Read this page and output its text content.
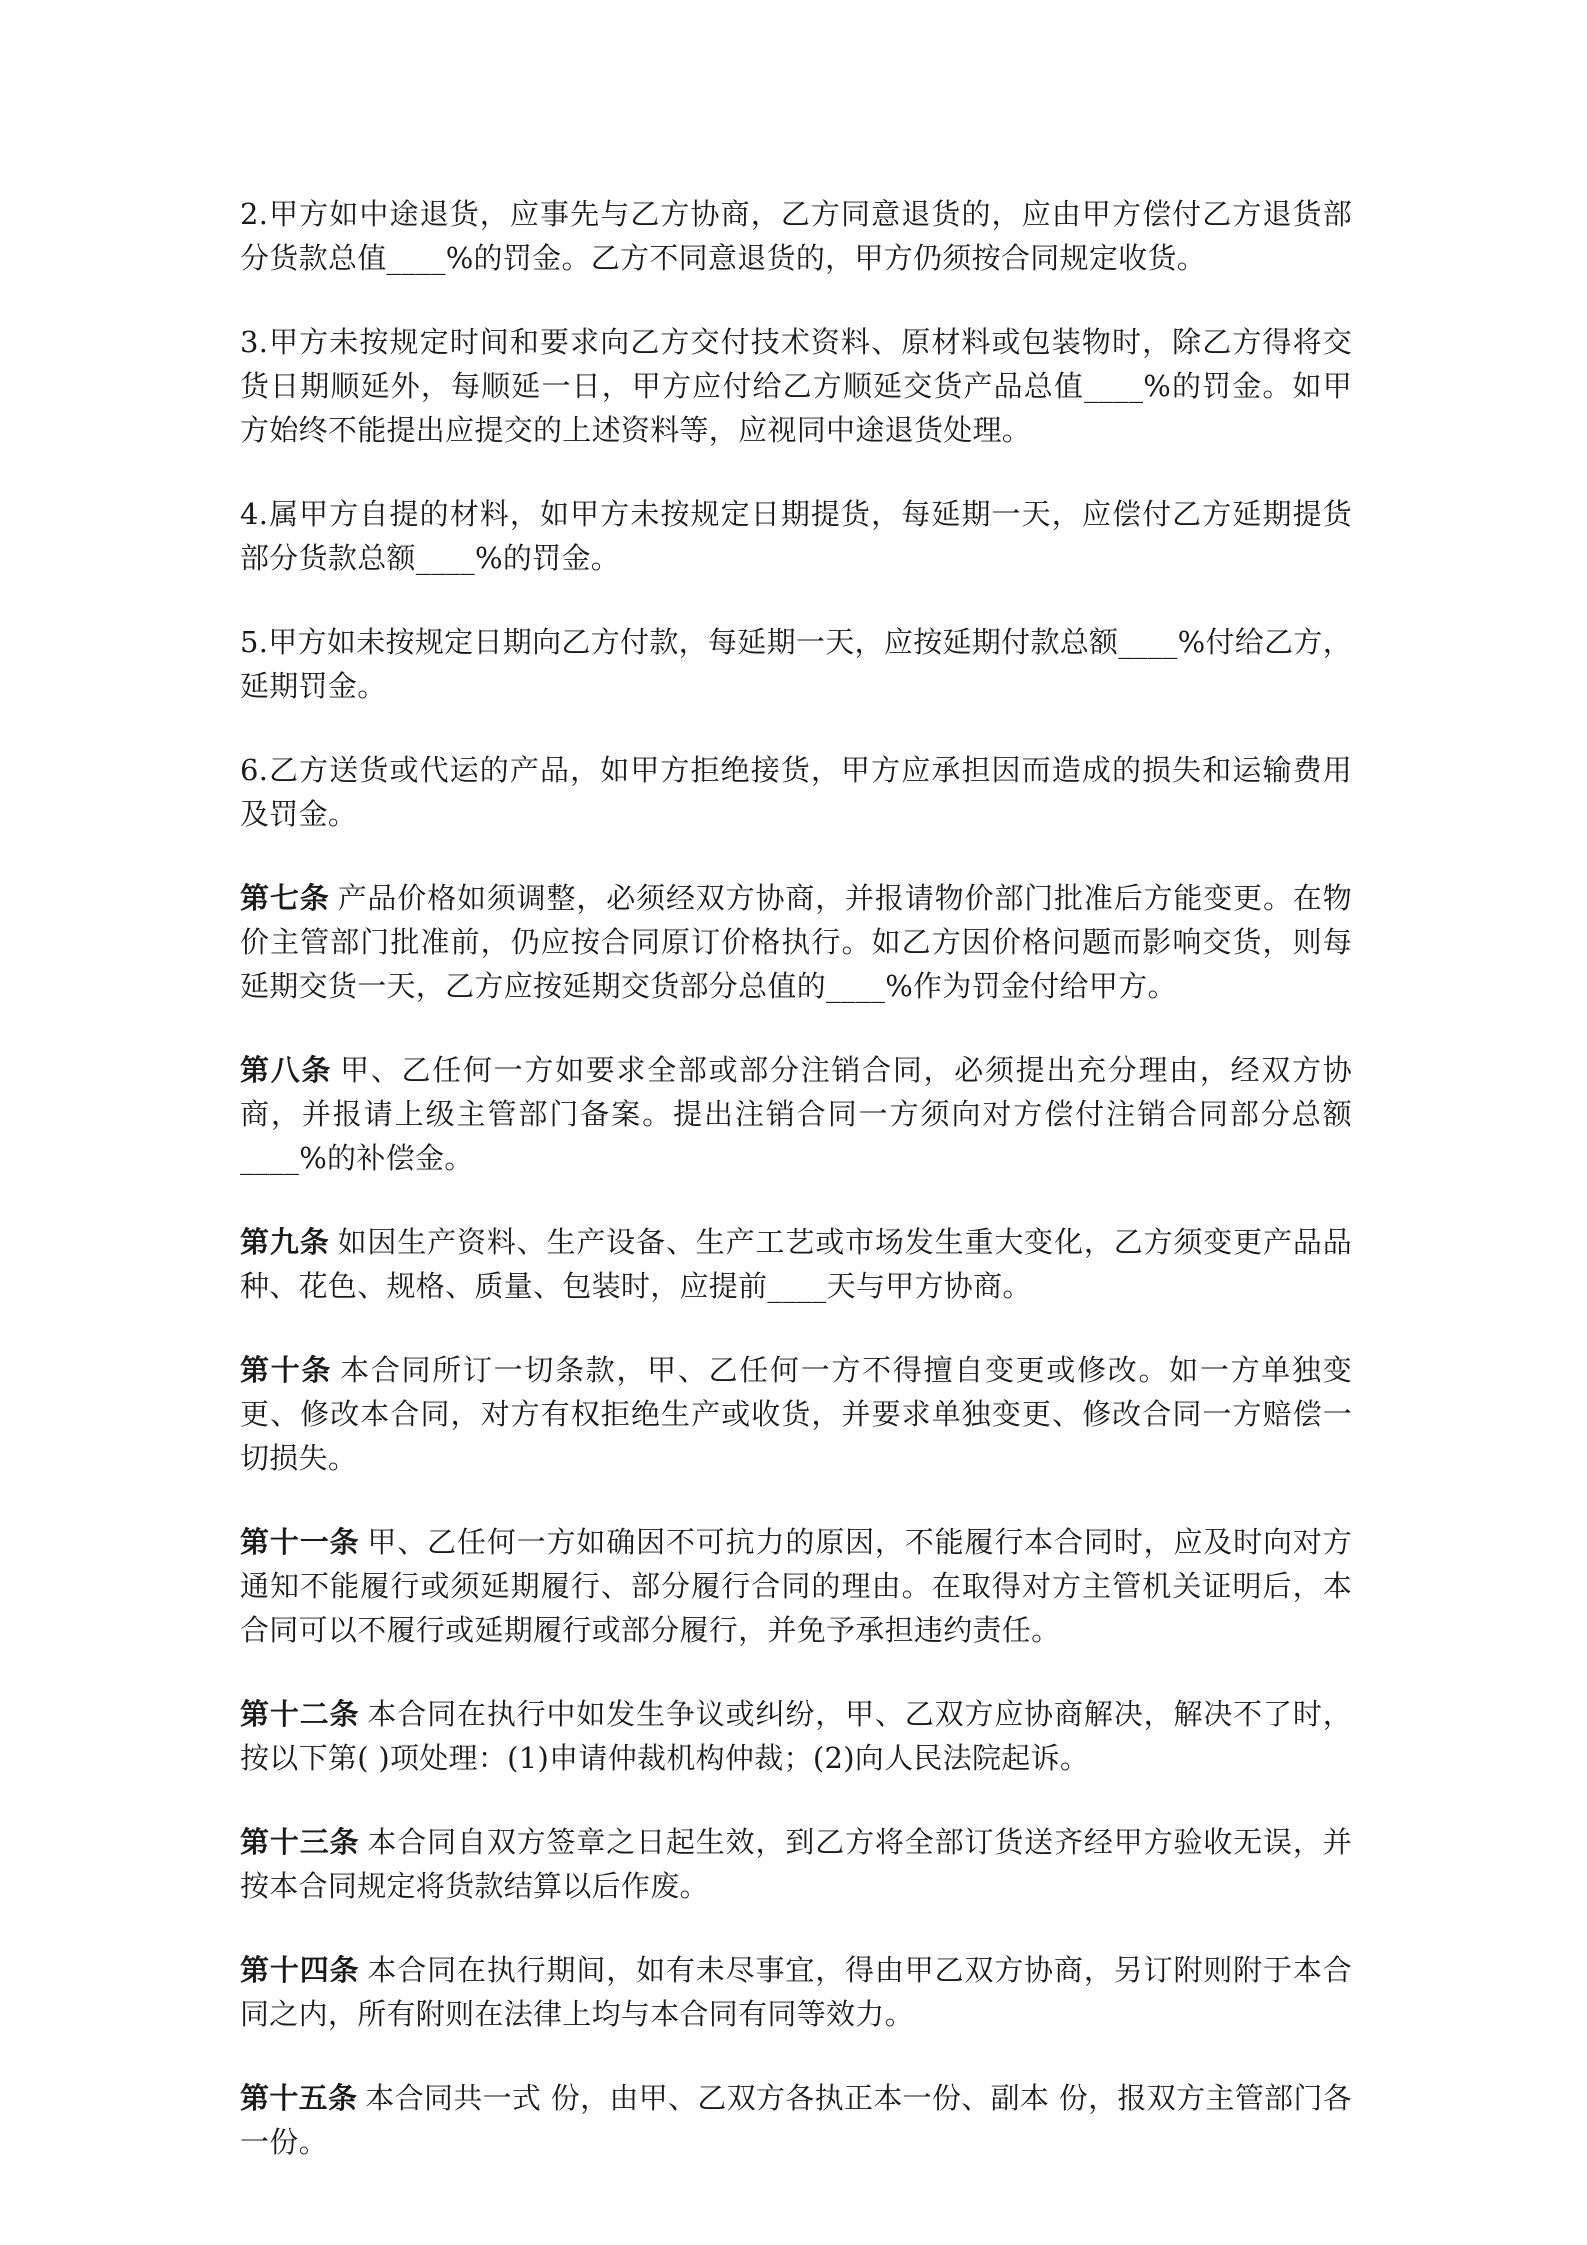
2.甲方如中途退货，应事先与乙方协商，乙方同意退货的，应由甲方偿付乙方退货部分货款总值____%的罚金。乙方不同意退货的，甲方仍须按合同规定收货。

3.甲方未按规定时间和要求向乙方交付技术资料、原材料或包装物时，除乙方得将交货日期顺延外，每顺延一日，甲方应付给乙方顺延交货产品总值____%的罚金。如甲方始终不能提出应提交的上述资料等，应视同中途退货处理。

4.属甲方自提的材料，如甲方未按规定日期提货，每延期一天，应偿付乙方延期提货部分货款总额____%的罚金。

5.甲方如未按规定日期向乙方付款，每延期一天，应按延期付款总额____%付给乙方，延期罚金。

6.乙方送货或代运的产品，如甲方拒绝接货，甲方应承担因而造成的损失和运输费用及罚金。

第七条 产品价格如须调整，必须经双方协商，并报请物价部门批准后方能变更。在物价主管部门批准前，仍应按合同原订价格执行。如乙方因价格问题而影响交货，则每延期交货一天，乙方应按延期交货部分总值的____%作为罚金付给甲方。

第八条 甲、乙任何一方如要求全部或部分注销合同，必须提出充分理由，经双方协商，并报请上级主管部门备案。提出注销合同一方须向对方偿付注销合同部分总额____%的补偿金。

第九条 如因生产资料、生产设备、生产工艺或市场发生重大变化，乙方须变更产品品种、花色、规格、质量、包装时，应提前____天与甲方协商。

第十条 本合同所订一切条款，甲、乙任何一方不得擅自变更或修改。如一方单独变更、修改本合同，对方有权拒绝生产或收货，并要求单独变更、修改合同一方赔偿一切损失。

第十一条 甲、乙任何一方如确因不可抗力的原因，不能履行本合同时，应及时向对方通知不能履行或须延期履行、部分履行合同的理由。在取得对方主管机关证明后，本合同可以不履行或延期履行或部分履行，并免予承担违约责任。

第十二条 本合同在执行中如发生争议或纠纷，甲、乙双方应协商解决，解决不了时，按以下第( )项处理：(1)申请仲裁机构仲裁；(2)向人民法院起诉。

第十三条 本合同自双方签章之日起生效，到乙方将全部订货送齐经甲方验收无误，并按本合同规定将货款结算以后作废。

第十四条 本合同在执行期间，如有未尽事宜，得由甲乙双方协商，另订附则附于本合同之内，所有附则在法律上均与本合同有同等效力。

第十五条 本合同共一式 份，由甲、乙双方各执正本一份、副本 份，报双方主管部门各一份。
